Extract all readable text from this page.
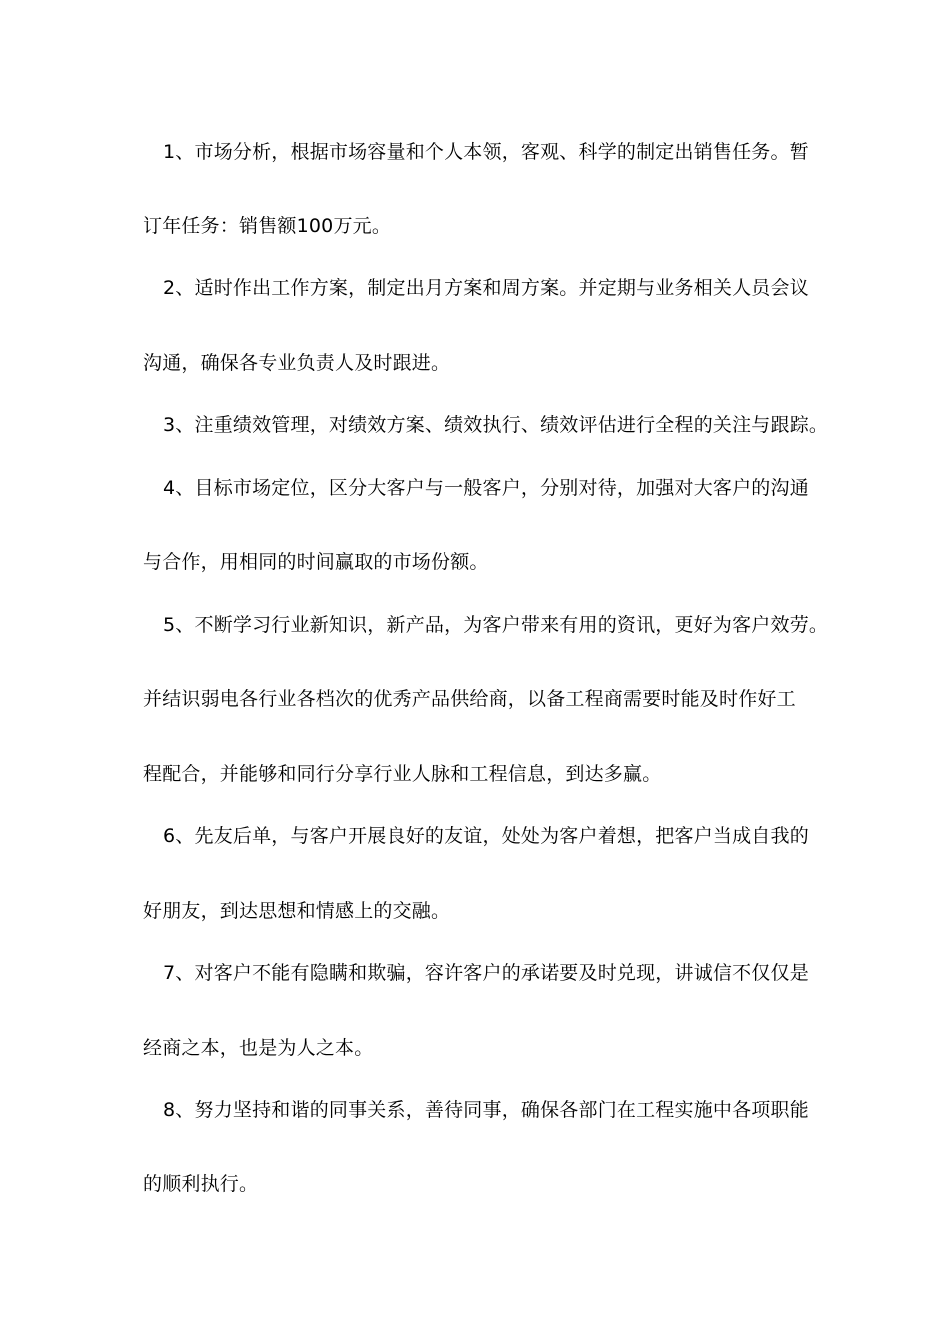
1、市场分析，根据市场容量和个人本领，客观、科学的制定出销售任务。暂
订年任务：销售额100万元。
2、适时作出工作方案，制定出月方案和周方案。并定期与业务相关人员会议
沟通，确保各专业负责人及时跟进。
3、注重绩效管理，对绩效方案、绩效执行、绩效评估进行全程的关注与跟踪。
4、目标市场定位，区分大客户与一般客户，分别对待，加强对大客户的沟通
与合作，用相同的时间赢取的市场份额。
5、不断学习行业新知识，新产品，为客户带来有用的资讯，更好为客户效劳。
并结识弱电各行业各档次的优秀产品供给商，以备工程商需要时能及时作好工
程配合，并能够和同行分享行业人脉和工程信息，到达多赢。
6、先友后单，与客户开展良好的友谊，处处为客户着想，把客户当成自我的
好朋友，到达思想和情感上的交融。
7、对客户不能有隐瞒和欺骗，容许客户的承诺要及时兑现，讲诚信不仅仅是
经商之本，也是为人之本。
8、努力坚持和谐的同事关系，善待同事，确保各部门在工程实施中各项职能
的顺利执行。
